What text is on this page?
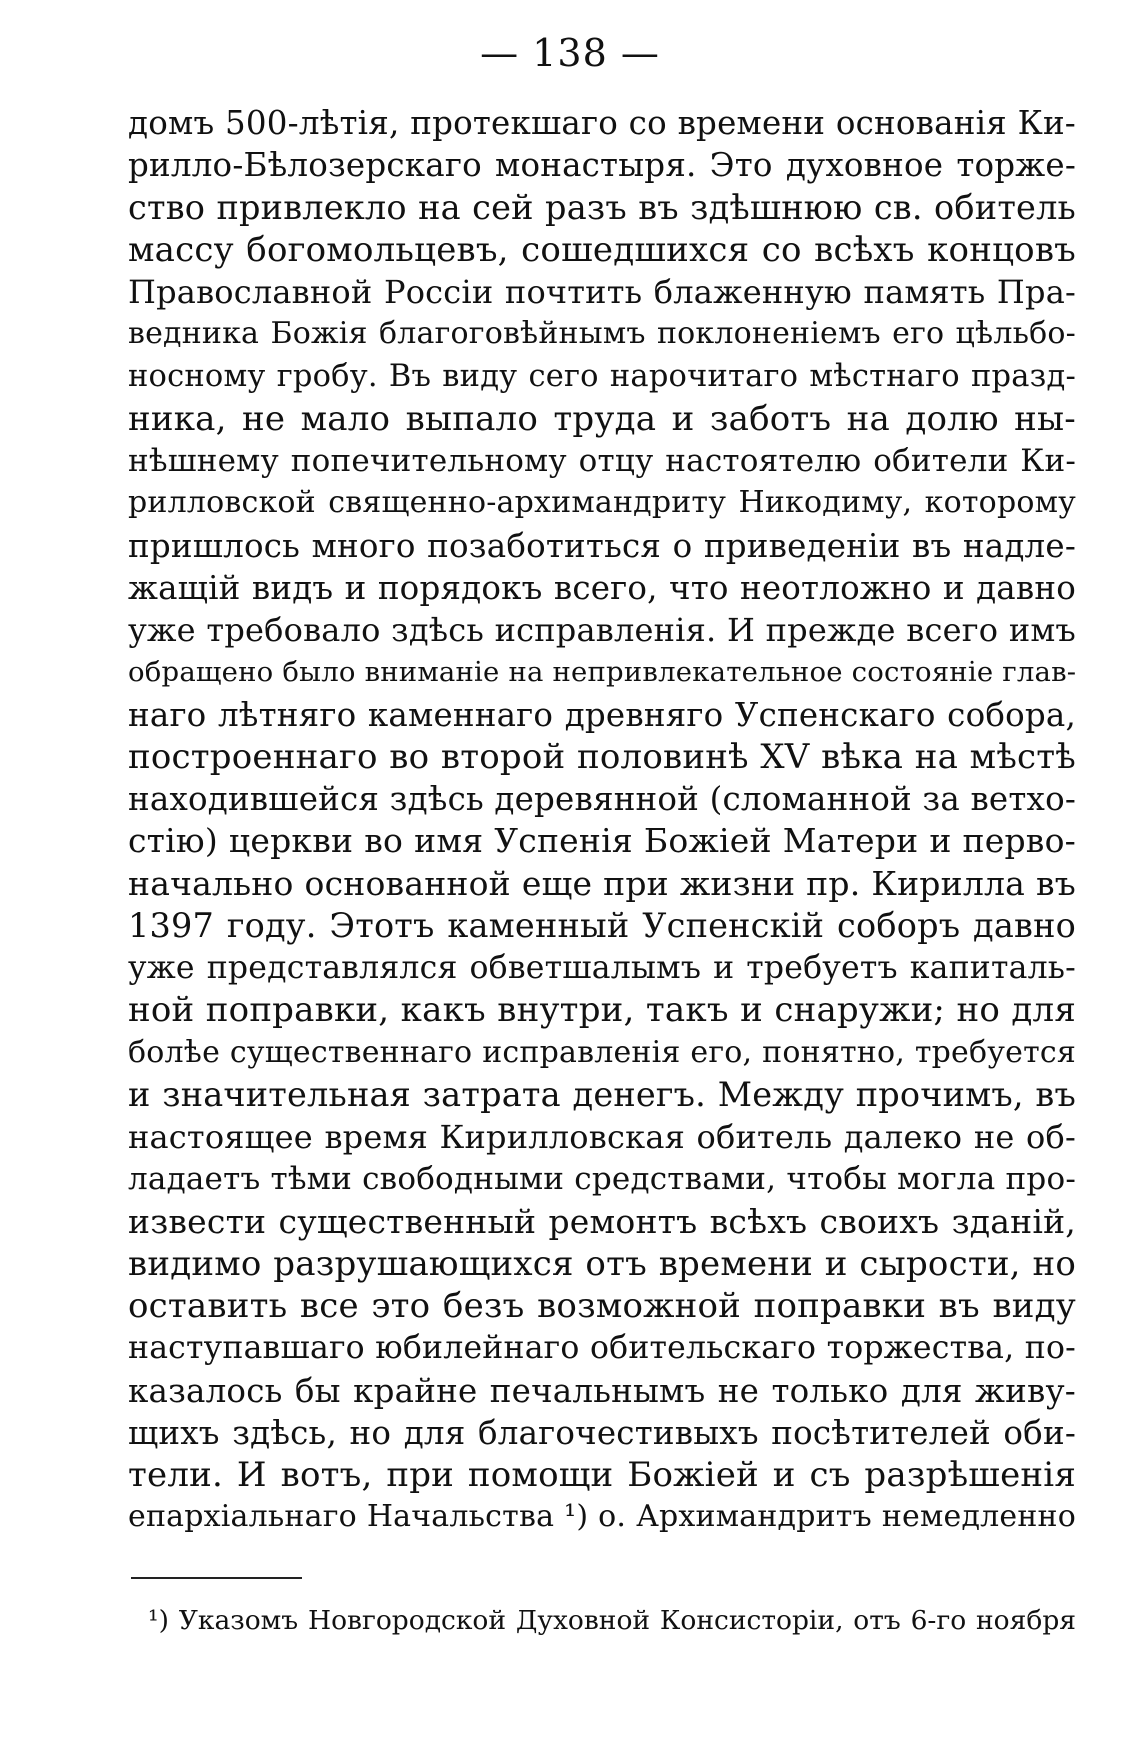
— 138 —
домъ 500-лѣтія, протекшаго со времени основанія Ки-
рилло-Бѣлозерскаго монастыря. Это духовное торже-
ство привлекло на сей разъ въ здѣшнюю св. обитель
массу богомольцевъ, сошедшихся со всѣхъ концовъ
Православной Россіи почтить блаженную память Пра-
ведника Божія благоговѣйнымъ поклоненіемъ его цѣльбо-
носному гробу. Въ виду сего нарочитаго мѣстнаго празд-
ника, не мало выпало труда и заботъ на долю ны-
нѣшнему попечительному отцу настоятелю обители Ки-
рилловской священно-архимандриту Никодиму, которому
пришлось много позаботиться о приведеніи въ надле-
жащій видъ и порядокъ всего, что неотложно и давно
уже требовало здѣсь исправленія. И прежде всего имъ
обращено было вниманіе на непривлекательное состояніе глав-
наго лѣтняго каменнаго древняго Успенскаго собора,
построеннаго во второй половинѣ XV вѣка на мѣстѣ
находившейся здѣсь деревянной (сломанной за ветхо-
стію) церкви во имя Успенія Божіей Матери и перво-
начально основанной еще при жизни пр. Кирилла въ
1397 году. Этотъ каменный Успенскій соборъ давно
уже представлялся обветшалымъ и требуетъ капиталь-
ной поправки, какъ внутри, такъ и снаружи; но для
болѣе существеннаго исправленія его, понятно, требуется
и значительная затрата денегъ. Между прочимъ, въ
настоящее время Кирилловская обитель далеко не об-
ладаетъ тѣми свободными средствами, чтобы могла про-
извести существенный ремонтъ всѣхъ своихъ зданій,
видимо разрушающихся отъ времени и сырости, но
оставить все это безъ возможной поправки въ виду
наступавшаго юбилейнаго обительскаго торжества, по-
казалось бы крайне печальнымъ не только для живу-
щихъ здѣсь, но для благочестивыхъ посѣтителей оби-
тели. И вотъ, при помощи Божіей и съ разрѣшенія
епархіальнаго Начальства ¹) о. Архимандритъ немедленно
¹) Указомъ Новгородской Духовной Консисторіи, отъ 6-го ноября
